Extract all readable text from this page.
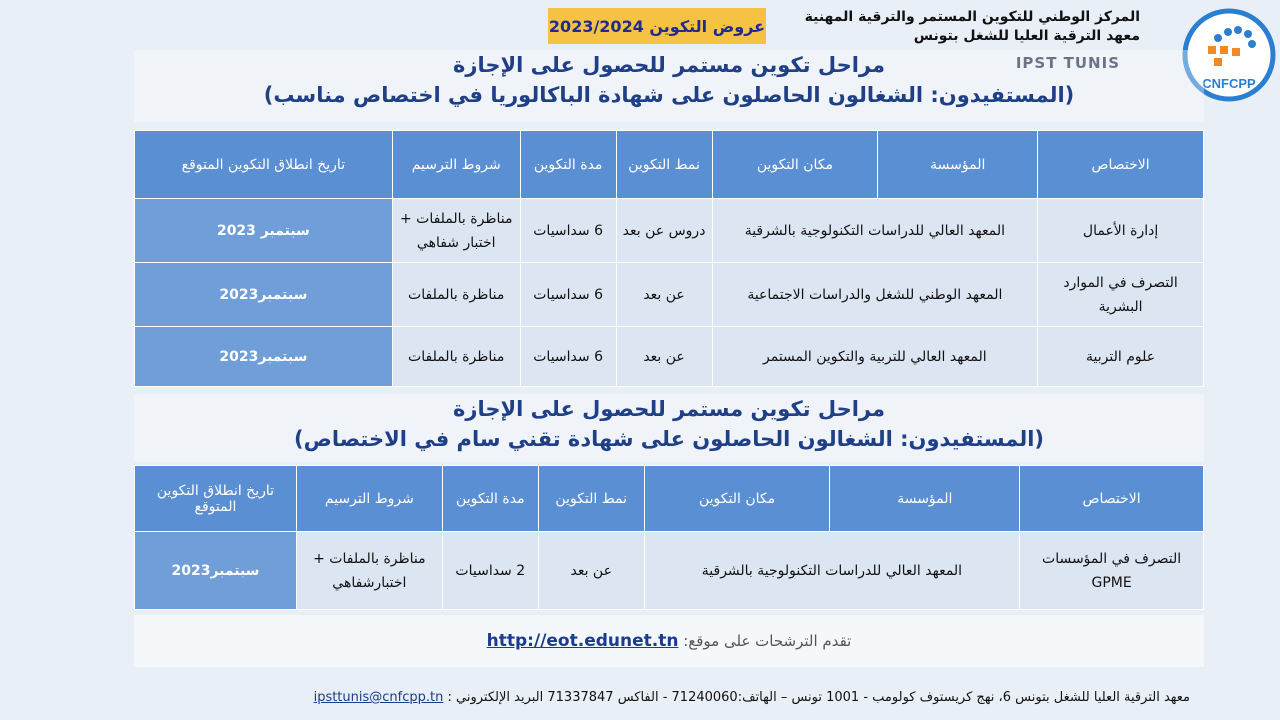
CNFCPP
المركز الوطني للتكوين المستمر والترقية المهنية
معهد الترقية العليا للشغل بتونس
IPST TUNIS
عروض التكوين 2023/2024
مراحل تكوين مستمر للحصول على الإجازة
(المستفيدون: الشغالون الحاصلون على شهادة الباكالوريا في اختصاص مناسب)
الاختصاص	المؤسسة	مكان التكوين	نمط التكوين	مدة التكوين	شروط الترسيم	تاريخ انطلاق التكوين المتوقع
إدارة الأعمال	المعهد العالي للدراسات التكنولوجية بالشرقية		دروس عن بعد	6 سداسيات	مناظرة بالملفات + اختبار شفاهي	سبتمبر 2023
التصرف في الموارد البشرية	المعهد الوطني للشغل والدراسات الاجتماعية		عن بعد	6 سداسيات	مناظرة بالملفات	سبتمبر2023
علوم التربية	المعهد العالي للتربية والتكوين المستمر		عن بعد	6 سداسيات	مناظرة بالملفات	سبتمبر2023
مراحل تكوين مستمر للحصول على الإجازة
(المستفيدون: الشغالون الحاصلون على شهادة تقني سام في الاختصاص)
الاختصاص	المؤسسة	مكان التكوين	نمط التكوين	مدة التكوين	شروط الترسيم	تاريخ انطلاق التكوين المتوقع
التصرف في المؤسسات GPME	المعهد العالي للدراسات التكنولوجية بالشرقية		عن بعد	2 سداسيات	مناظرة بالملفات + اختبارشفاهي	سبتمبر2023
تقدم الترشحات على موقع: http://eot.edunet.tn
معهد الترقية العليا للشغل بتونس 6، نهج كريستوف كولومب - 1001 تونس – الهاتف:71240060 - الفاكس 71337847 البريد الإلكتروني : ipsttunis@cnfcpp.tn
